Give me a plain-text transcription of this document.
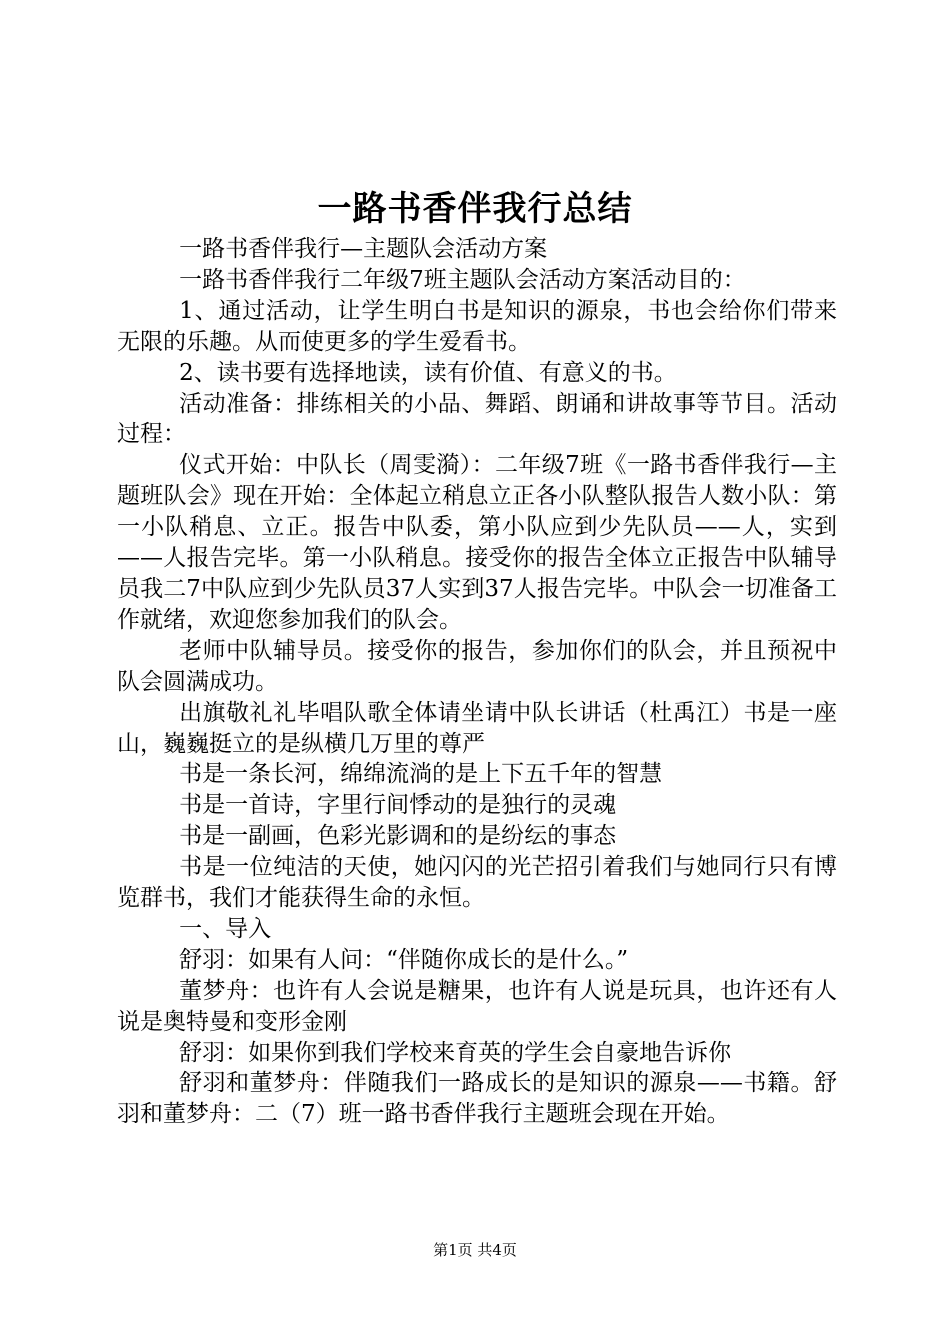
一路书香伴我行总结

一路书香伴我行—主题队会活动方案

一路书香伴我行二年级7班主题队会活动方案活动目的：

1、通过活动，让学生明白书是知识的源泉，书也会给你们带来无限的乐趣。从而使更多的学生爱看书。

2、读书要有选择地读，读有价值、有意义的书。

活动准备：排练相关的小品、舞蹈、朗诵和讲故事等节目。活动过程：

仪式开始：中队长（周雯漪）：二年级7班《一路书香伴我行—主题班队会》现在开始：全体起立稍息立正各小队整队报告人数小队：第一小队稍息、立正。报告中队委，第小队应到少先队员——人，实到——人报告完毕。第一小队稍息。接受你的报告全体立正报告中队辅导员我二7中队应到少先队员37人实到37人报告完毕。中队会一切准备工作就绪，欢迎您参加我们的队会。

老师中队辅导员。接受你的报告，参加你们的队会，并且预祝中队会圆满成功。

出旗敬礼礼毕唱队歌全体请坐请中队长讲话（杜禹江）书是一座山，巍巍挺立的是纵横几万里的尊严

书是一条长河，绵绵流淌的是上下五千年的智慧

书是一首诗，字里行间悸动的是独行的灵魂

书是一副画，色彩光影调和的是纷纭的事态

书是一位纯洁的天使，她闪闪的光芒招引着我们与她同行只有博览群书，我们才能获得生命的永恒。

一、导入

舒羽：如果有人问：“伴随你成长的是什么。”

董梦舟：也许有人会说是糖果，也许有人说是玩具，也许还有人说是奥特曼和变形金刚

舒羽：如果你到我们学校来育英的学生会自豪地告诉你

舒羽和董梦舟：伴随我们一路成长的是知识的源泉——书籍。舒羽和董梦舟：二（7）班一路书香伴我行主题班会现在开始。

第1页 共4页
